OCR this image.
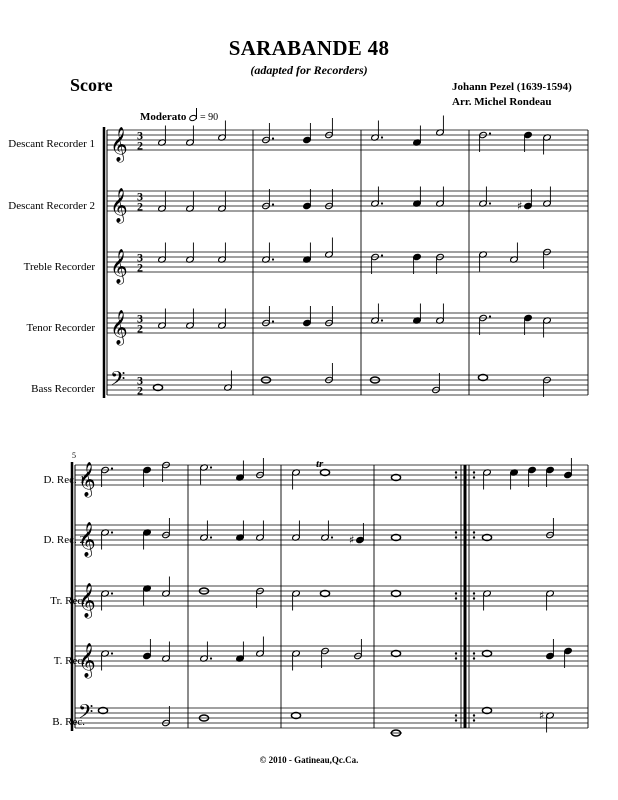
SARABANDE 48
(adapted for Recorders)
Score	Johann Pezel (1639-1594)
Arr. Michel Rondeau
Moderato = 90
Descant Recorder 1
Descant Recorder 2
Treble Recorder
Tenor Recorder
Bass Recorder
D. Rec. 1
D. Rec. 2
Tr. Rec.
T. Rec.
B. Rec.
𝄞 3
2
𝄞 3
2
𝄞 3
2
𝄞 3
2
𝄢 3
2
𝄞
𝄞
𝄞
𝄞
𝄢
♯
♯
♯
5
tr
© 2010 - Gatineau,Qc.Ca.
